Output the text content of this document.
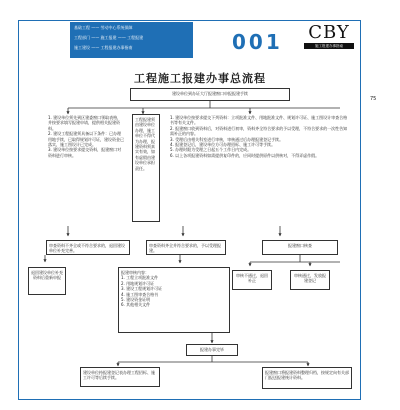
基础工程 —— 劳动中心系统保障
工程部门 —— 施工报建 —— 工程报建
施工建设 —— 工程报建办事指南	001 CBY
施工报建办事指南
工程施工报建办事总流程
75

建设单位到办证大厅报建窗口申报报建手续

1. 建设单位须先到区建委窗口领取表格，并按要求填写报建申请，提供相关报建资料。

2. 建设工程报建须具备以下条件：已办理用地手续，已取得规划许可证，建设资金已落实，施工图设计已完成。

3. 建设单位按要求提交资料，报建窗口对资料进行审核。

工程报建须由建设单位办理，施工单位不得代为办理，报建资料须真实有效，如有虚假由建设单位承担责任。

1. 建设单位按要求提交下列资料：立项批准文件、用地批准文件、规划许可证、施工图设计审查合格书等有关文件。

2. 报建窗口收到资料后，对资料进行初审，资料齐全符合要求的予以受理，不符合要求的一次性告知需补正的内容。

3. 受理后由相关科室进行审核，审核通过后办理报建登记手续。

4. 报建登记后，建设单位方可办理招标、施工许可等手续。

5. 办理时限为受理之日起五个工作日内完成。

6. 以上各项报建资料如需提供复印件的，应同时提供原件以供核对，不得弄虚作假。

审查资料不齐全或不符合要求的，退回建设单位补充完善。

审查资料齐全并符合要求的，予以受理报建。

报建窗口核查

退回建设单位补充资料后重新申报

报建审核内容：

1. 工程立项批准文件

2. 用地规划许可证

3. 建设工程规划许可证

4. 施工图审查合格书

5. 建设资金证明

6. 其他相关文件

审核不通过，退回补正

审核通过，发放报建登记

报建办事完毕

建设单位持报建登记表办理工程招标、施工许可等后续手续。

报建窗口将报建资料整理归档，按规定向有关部门报送报建统计资料。
